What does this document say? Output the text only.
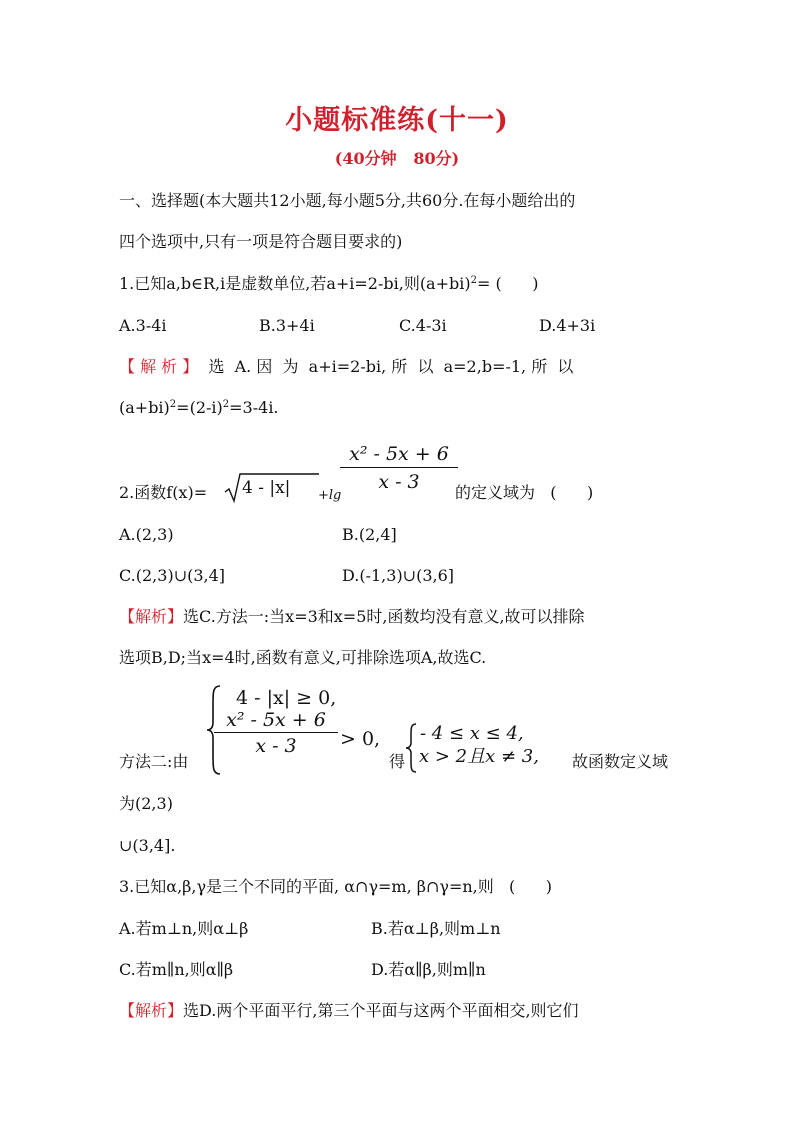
小题标准练(十一)
(40分钟   80分)
一、选择题(本大题共12小题,每小题5分,共60分.在每小题给出的
四个选项中,只有一项是符合题目要求的)
1.已知a,b∈R,i是虚数单位,若a+i=2-bi,则$(a+bi)^2=$ (      )
A.3-4i	B.3+4i	C.4-3i	D.4+3i
【 解 析 】 选  A. 因  为  a+i=2-bi, 所  以  a=2,b=-1, 所  以
$(a+bi)^2=(2-i)^2=3-4i$.
2.函数f(x)= 4 - |x| +lg
x² - 5x + 6
x - 3	的定义域为   (      )
A.(2,3)	B.(2,4]
C.(2,3)∪(3,4]	D.(-1,3)∪(3,6]
【解析】选C.方法一:当x=3和x=5时,函数均没有意义,故可以排除
选项B,D;当x=4时,函数有意义,可排除选项A,故选C.
方法二:由
4 - |x| ≥ 0,
x² - 5x + 6
x - 3	> 0,
得
- 4 ≤ x ≤ 4,
x > 2且x ≠ 3, 故函数定义域
为(2,3)
∪(3,4].
3.已知α,β,γ是三个不同的平面, α∩γ=m, β∩γ=n,则   (      )
A.若m⊥n,则α⊥β	B.若α⊥β,则m⊥n
C.若m∥n,则α∥β	D.若α∥β,则m∥n
【解析】选D.两个平面平行,第三个平面与这两个平面相交,则它们
